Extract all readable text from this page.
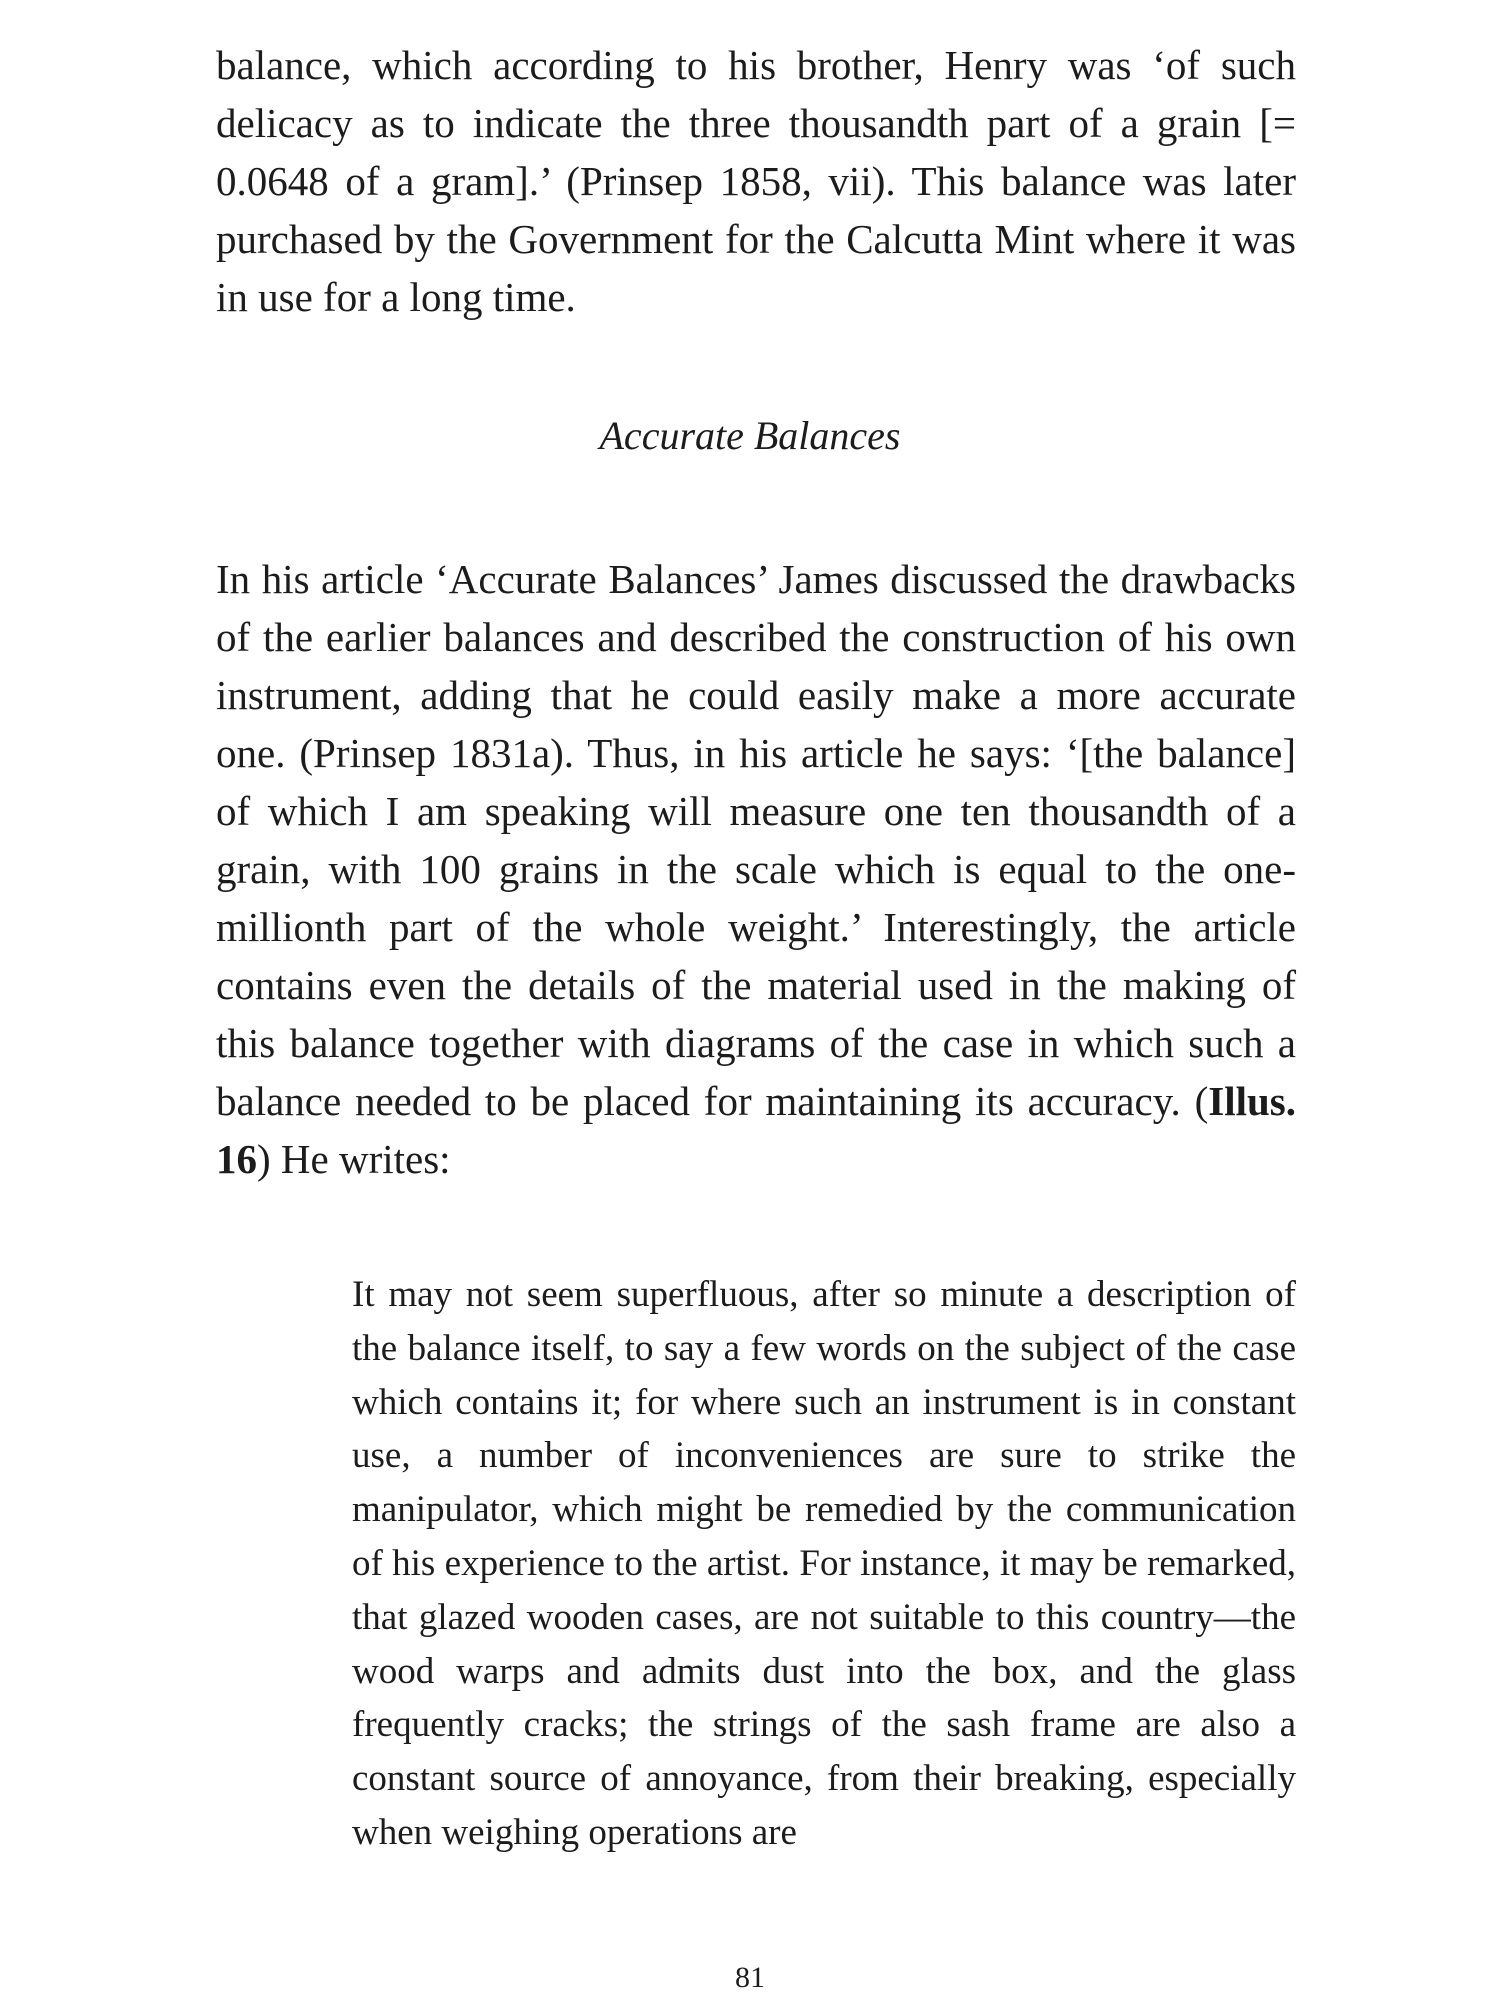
balance, which according to his brother, Henry was ‘of such delicacy as to indicate the three thousandth part of a grain [= 0.0648 of a gram].’ (Prinsep 1858, vii). This balance was later purchased by the Government for the Calcutta Mint where it was in use for a long time.

Accurate Balances

In his article ‘Accurate Balances’ James discussed the drawbacks of the earlier balances and described the construction of his own instrument, adding that he could easily make a more accurate one. (Prinsep 1831a). Thus, in his article he says: ‘[the balance] of which I am speaking will measure one ten thousandth of a grain, with 100 grains in the scale which is equal to the one-millionth part of the whole weight.’ Interestingly, the article contains even the details of the material used in the making of this balance together with diagrams of the case in which such a balance needed to be placed for maintaining its accuracy. (Illus. 16) He writes:

It may not seem superfluous, after so minute a description of the balance itself, to say a few words on the subject of the case which contains it; for where such an instrument is in constant use, a number of inconveniences are sure to strike the manipulator, which might be remedied by the communication of his experience to the artist. For instance, it may be remarked, that glazed wooden cases, are not suitable to this country—the wood warps and admits dust into the box, and the glass frequently cracks; the strings of the sash frame are also a constant source of annoyance, from their breaking, especially when weighing operations are

81
